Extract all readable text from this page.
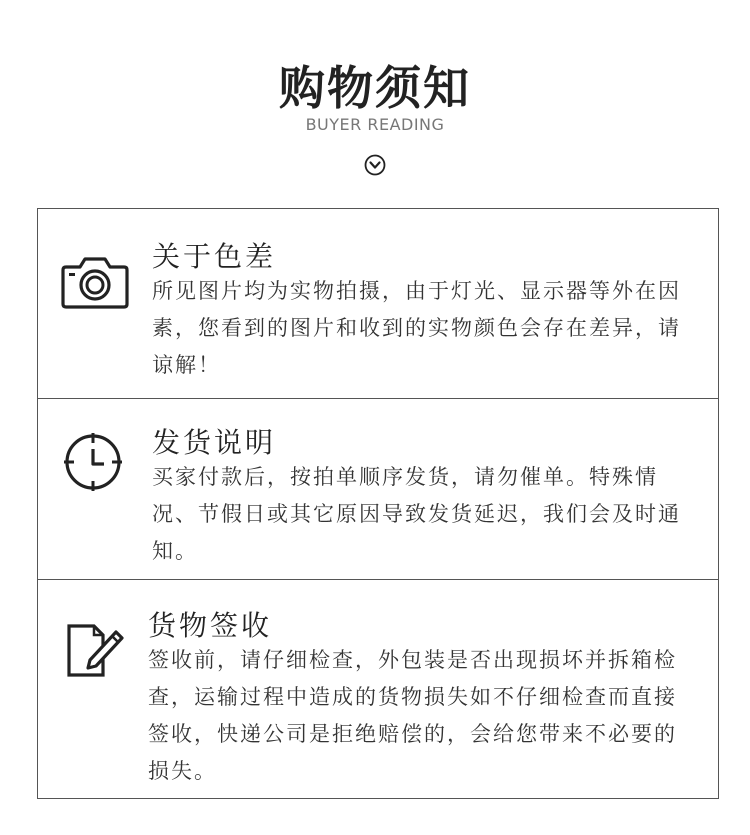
购物须知
BUYER READING
关于色差
所见图片均为实物拍摄，由于灯光、显示器等外在因素，您看到的图片和收到的实物颜色会存在差异，请谅解！
发货说明
买家付款后，按拍单顺序发货，请勿催单。特殊情况、节假日或其它原因导致发货延迟，我们会及时通知。
货物签收
签收前，请仔细检查，外包装是否出现损坏并拆箱检查，运输过程中造成的货物损失如不仔细检查而直接签收，快递公司是拒绝赔偿的，会给您带来不必要的损失。
